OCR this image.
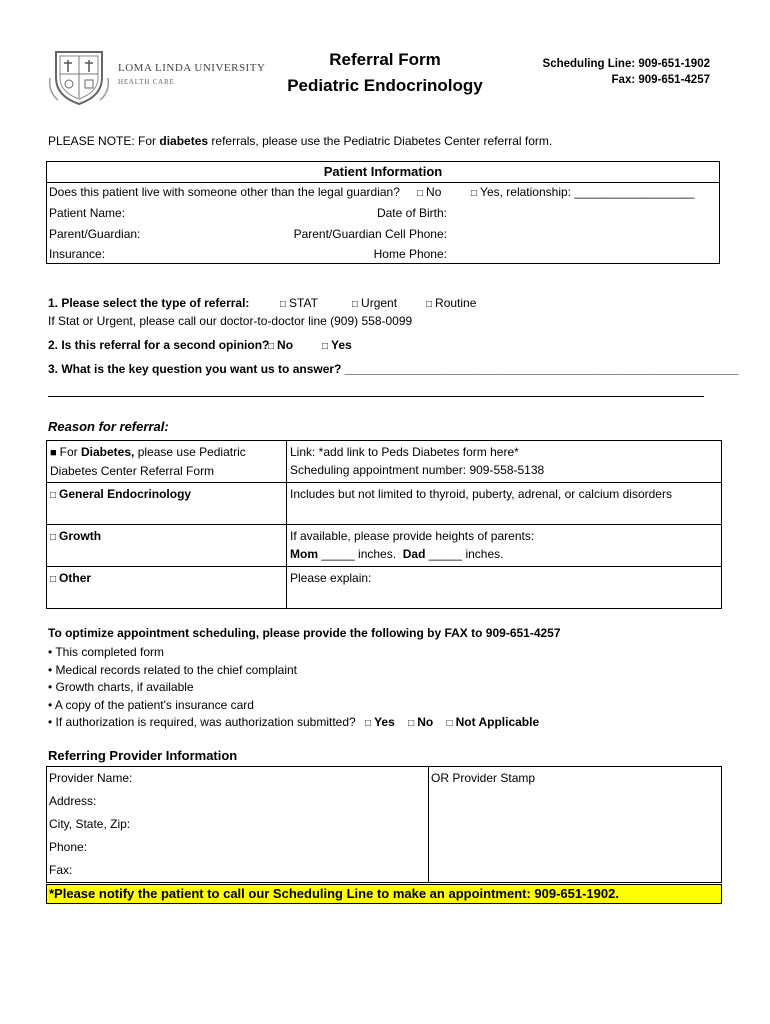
LOMA LINDA UNIVERSITY
HEALTH CARE
Referral Form
Pediatric Endocrinology
Scheduling Line: 909-651-1902
Fax: 909-651-4257
PLEASE NOTE: For diabetes referrals, please use the Pediatric Diabetes Center referral form.
Patient Information
Does this patient live with someone other than the legal guardian? □ No	□ Yes, relationship: __________________
Patient Name:	Date of Birth:
Parent/Guardian:	Parent/Guardian Cell Phone:
Insurance:	Home Phone:
1. Please select the type of referral:	□ STAT	□ Urgent	□ Routine
If Stat or Urgent, please call our doctor-to-doctor line (909) 558-0099
2. Is this referral for a second opinion?
□ No	□ Yes
3. What is the key question you want us to answer? ___________________________________________________________
Reason for referral:
■ For Diabetes, please use Pediatric
Diabetes Center Referral Form	Link: *add link to Peds Diabetes form here*
Scheduling appointment number: 909-558-5138
□ General Endocrinology	Includes but not limited to thyroid, puberty, adrenal, or calcium disorders
□ Growth	If available, please provide heights of parents:
Mom _____ inches.  Dad _____ inches.
□ Other	Please explain:
To optimize appointment scheduling, please provide the following by FAX to 909-651-4257
• This completed form
• Medical records related to the chief complaint
• Growth charts, if available
• A copy of the patient's insurance card
• If authorization is required, was authorization submitted? □ Yes □ No □ Not Applicable
Referring Provider Information
Provider Name:
Address:
City, State, Zip:
Phone:
Fax:

OR Provider Stamp
*Please notify the patient to call our Scheduling Line to make an appointment: 909-651-1902.
